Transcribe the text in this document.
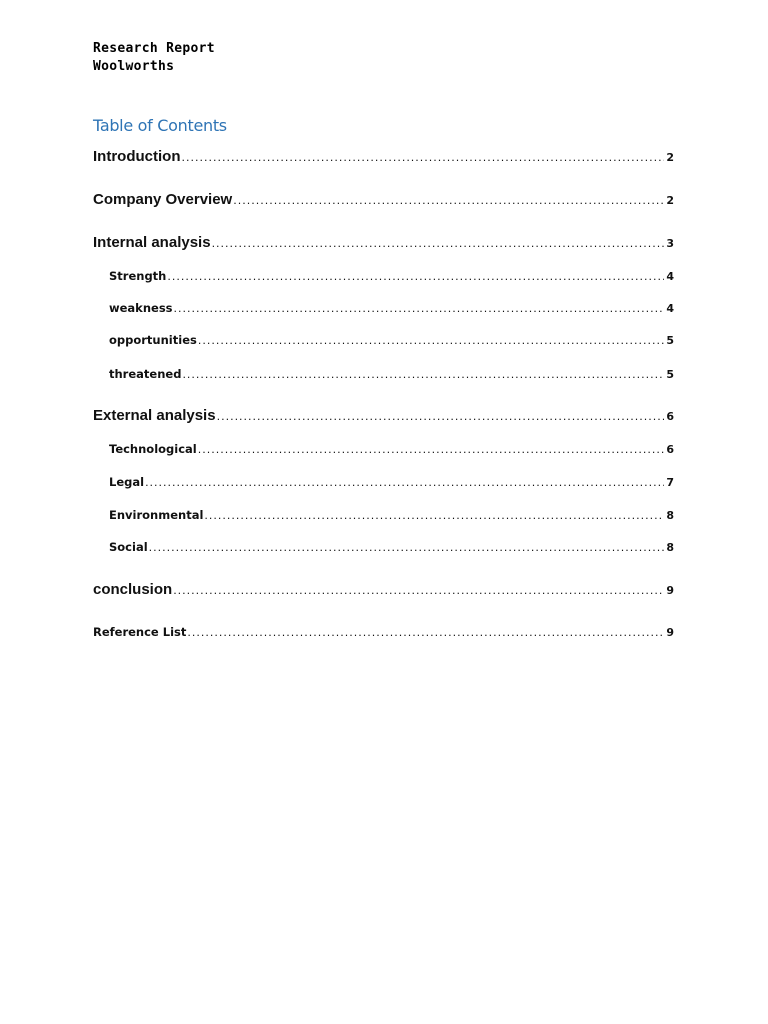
Research Report
Woolworths
Table of Contents
Introduction .....	2
Company Overview .....	2
Internal analysis .....	3
Strength .....	4
weakness .....	4
opportunities .....	5
threatened .....	5
External analysis .....	6
Technological .....	6
Legal .....	7
Environmental .....	8
Social .....	8
conclusion .....	9
Reference List .....	9
